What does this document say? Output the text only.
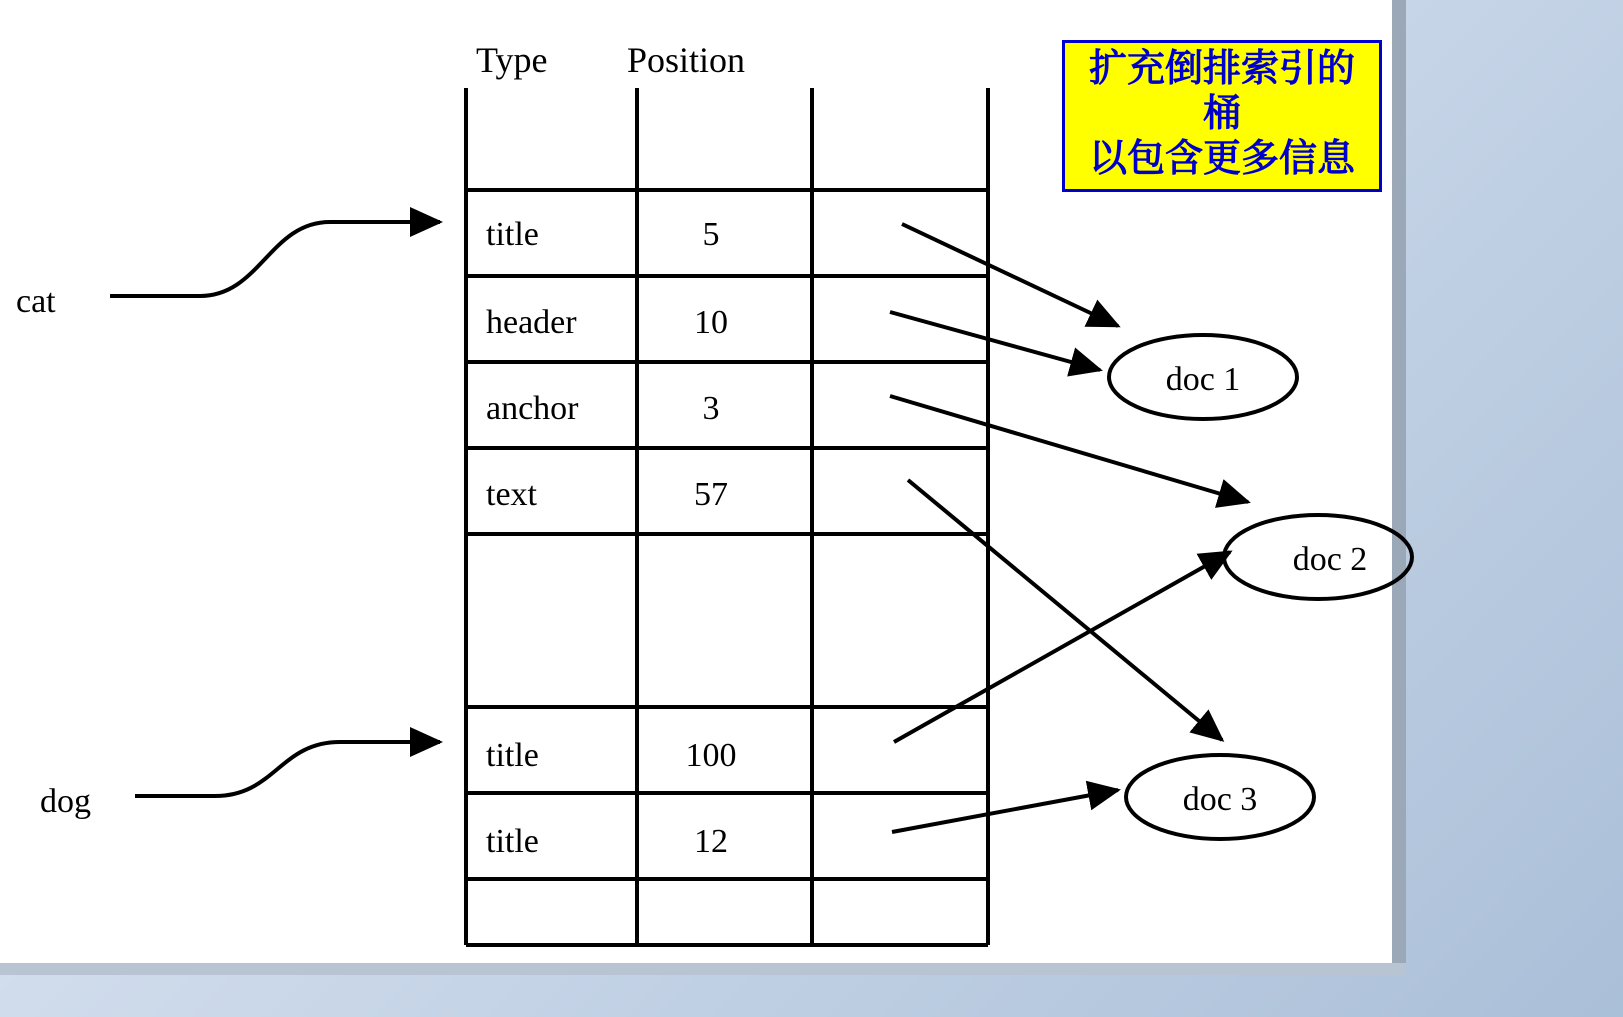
Type Position
title	5
header	10
anchor	3
text	57
title	100
title	12
cat
dog
doc 1
doc 2
doc 3
扩充倒排索引的桶
以包含更多信息
